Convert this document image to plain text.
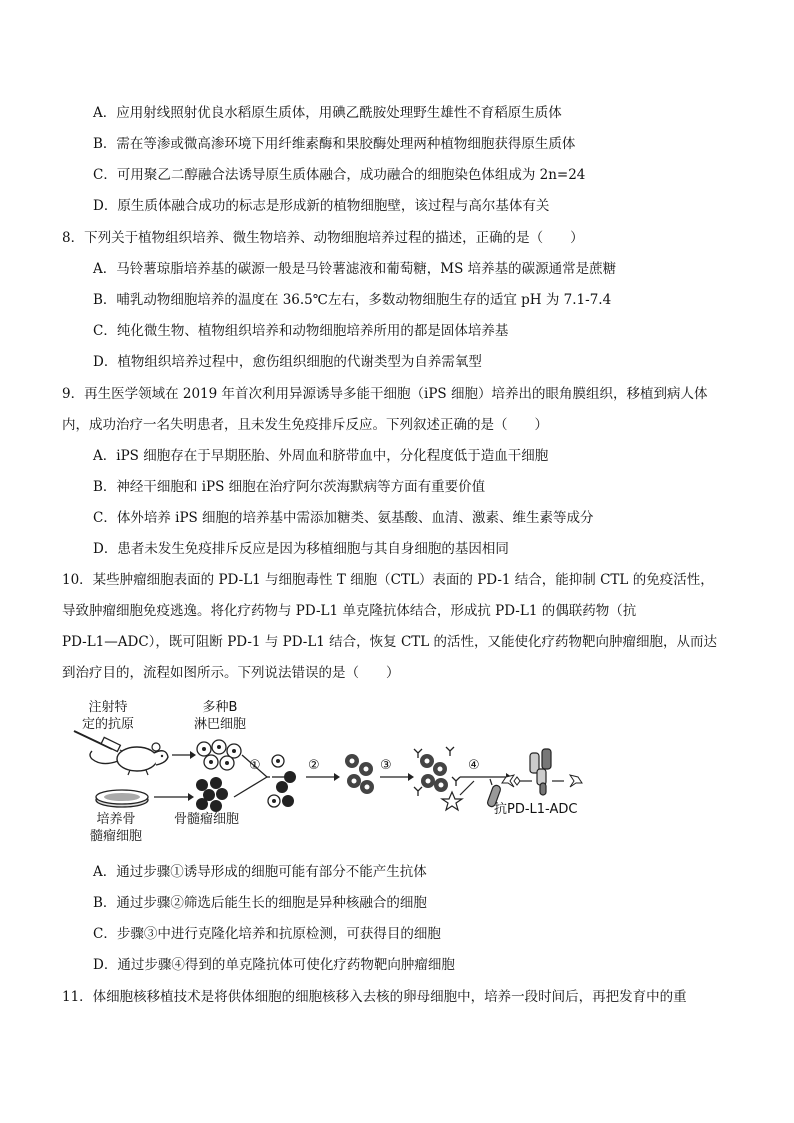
A．应用射线照射优良水稻原生质体，用碘乙酰胺处理野生雄性不育稻原生质体
B．需在等渗或微高渗环境下用纤维素酶和果胶酶处理两种植物细胞获得原生质体
C．可用聚乙二醇融合法诱导原生质体融合，成功融合的细胞染色体组成为 2n=24
D．原生质体融合成功的标志是形成新的植物细胞壁，该过程与高尔基体有关
8．下列关于植物组织培养、微生物培养、动物细胞培养过程的描述，正确的是（　　）
A．马铃薯琼脂培养基的碳源一般是马铃薯滤液和葡萄糖，MS 培养基的碳源通常是蔗糖
B．哺乳动物细胞培养的温度在 36.5℃左右，多数动物细胞生存的适宜 pH 为 7.1-7.4
C．纯化微生物、植物组织培养和动物细胞培养所用的都是固体培养基
D．植物组织培养过程中，愈伤组织细胞的代谢类型为自养需氧型
9．再生医学领域在 2019 年首次利用异源诱导多能干细胞（iPS 细胞）培养出的眼角膜组织，移植到病人体
内，成功治疗一名失明患者，且未发生免疫排斥反应。下列叙述正确的是（　　）
A．iPS 细胞存在于早期胚胎、外周血和脐带血中，分化程度低于造血干细胞
B．神经干细胞和 iPS 细胞在治疗阿尔茨海默病等方面有重要价值
C．体外培养 iPS 细胞的培养基中需添加糖类、氨基酸、血清、激素、维生素等成分
D．患者未发生免疫排斥反应是因为移植细胞与其自身细胞的基因相同
10．某些肿瘤细胞表面的 PD-L1 与细胞毒性 T 细胞（CTL）表面的 PD-1 结合，能抑制 CTL 的免疫活性，
导致肿瘤细胞免疫逃逸。将化疗药物与 PD-L1 单克隆抗体结合，形成抗 PD-L1 的偶联药物（抗
PD-L1—ADC），既可阻断 PD-1 与 PD-L1 结合，恢复 CTL 的活性，又能使化疗药物靶向肿瘤细胞，从而达
到治疗目的，流程如图所示。下列说法错误的是（　　）
注射特
定的抗原
多种B
淋巴细胞
培养骨
髓瘤细胞
骨髓瘤细胞
①	②	③	④
抗PD-L1-ADC
A．通过步骤①诱导形成的细胞可能有部分不能产生抗体
B．通过步骤②筛选后能生长的细胞是异种核融合的细胞
C．步骤③中进行克隆化培养和抗原检测，可获得目的细胞
D．通过步骤④得到的单克隆抗体可使化疗药物靶向肿瘤细胞
11．体细胞核移植技术是将供体细胞的细胞核移入去核的卵母细胞中，培养一段时间后，再把发育中的重
